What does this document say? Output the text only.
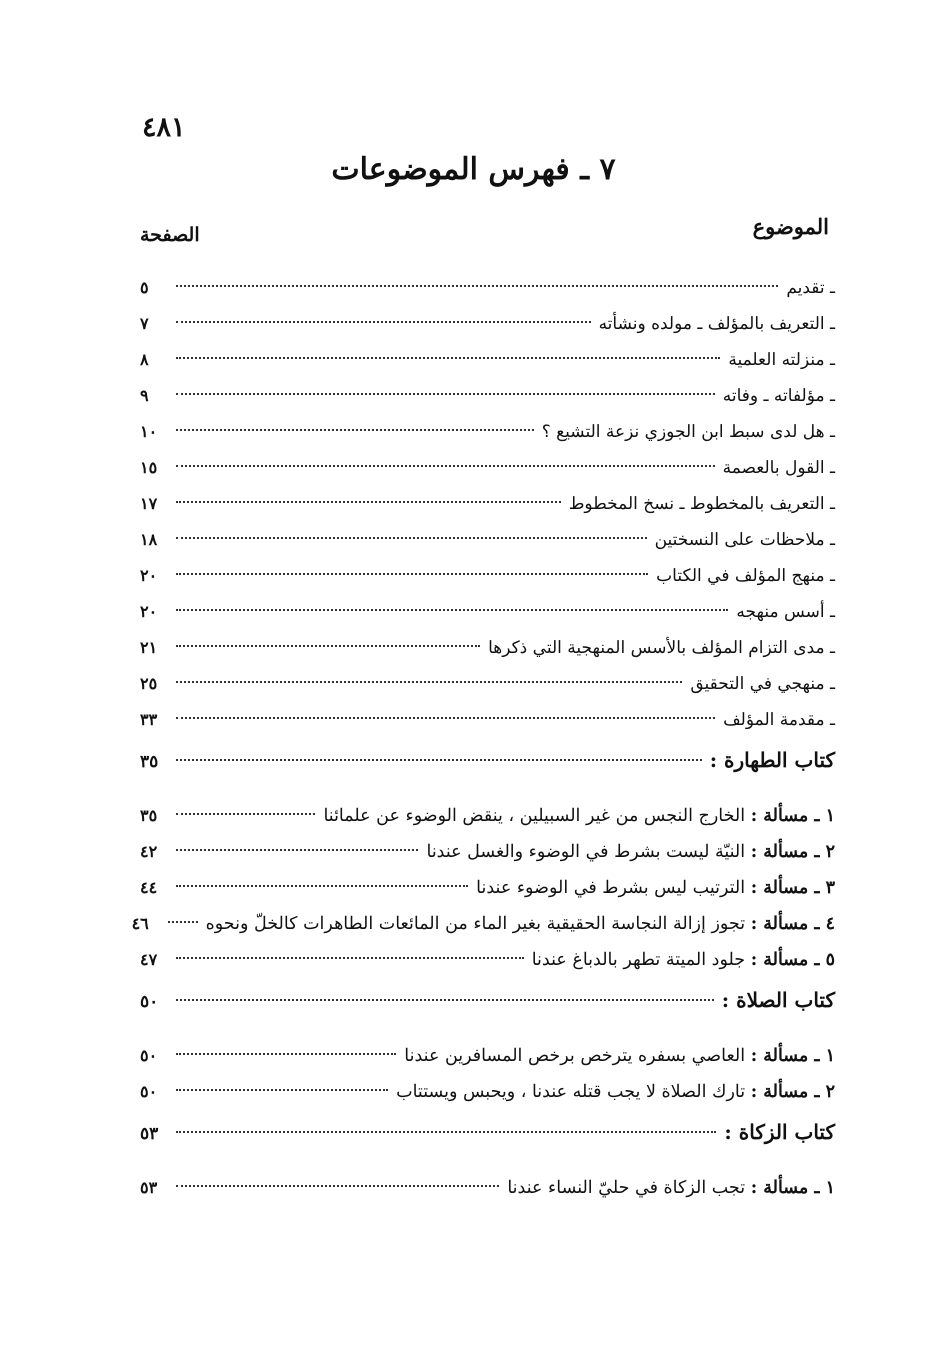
٤٨١
٧ ـ فهرس الموضوعات
الموضوع
الصفحة
ـ تقديم
٥
ـ التعريف بالمؤلف ـ مولده ونشأته
٧
ـ منزلته العلمية
٨
ـ مؤلفاته ـ وفاته
٩
ـ هل لدى سبط ابن الجوزي نزعة التشيع ؟
١٠
ـ القول بالعصمة
١٥
ـ التعريف بالمخطوط ـ نسخ المخطوط
١٧
ـ ملاحظات على النسختين
١٨
ـ منهج المؤلف في الكتاب
٢٠
ـ أسس منهجه
٢٠
ـ مدى التزام المؤلف بالأسس المنهجية التي ذكرها
٢١
ـ منهجي في التحقيق
٢٥
ـ مقدمة المؤلف
٣٣
كتاب الطهارة :
٣٥
١ ـ مسألة : الخارج النجس من غير السبيلين ، ينقض الوضوء عن علمائنا
٣٥
٢ ـ مسألة : النيّة ليست بشرط في الوضوء والغسل عندنا
٤٢
٣ ـ مسألة : الترتيب ليس بشرط في الوضوء عندنا
٤٤
٤ ـ مسألة : تجوز إزالة النجاسة الحقيقية بغير الماء من المائعات الطاهرات كالخلّ ونحوه
٤٦
٥ ـ مسألة : جلود الميتة تطهر بالدباغ عندنا
٤٧
كتاب الصلاة :
٥٠
١ ـ مسألة : العاصي بسفره يترخص برخص المسافرين عندنا
٥٠
٢ ـ مسألة : تارك الصلاة لا يجب قتله عندنا ، ويحبس ويستتاب
٥٠
كتاب الزكاة :
٥٣
١ ـ مسألة : تجب الزكاة في حليّ النساء عندنا
٥٣
